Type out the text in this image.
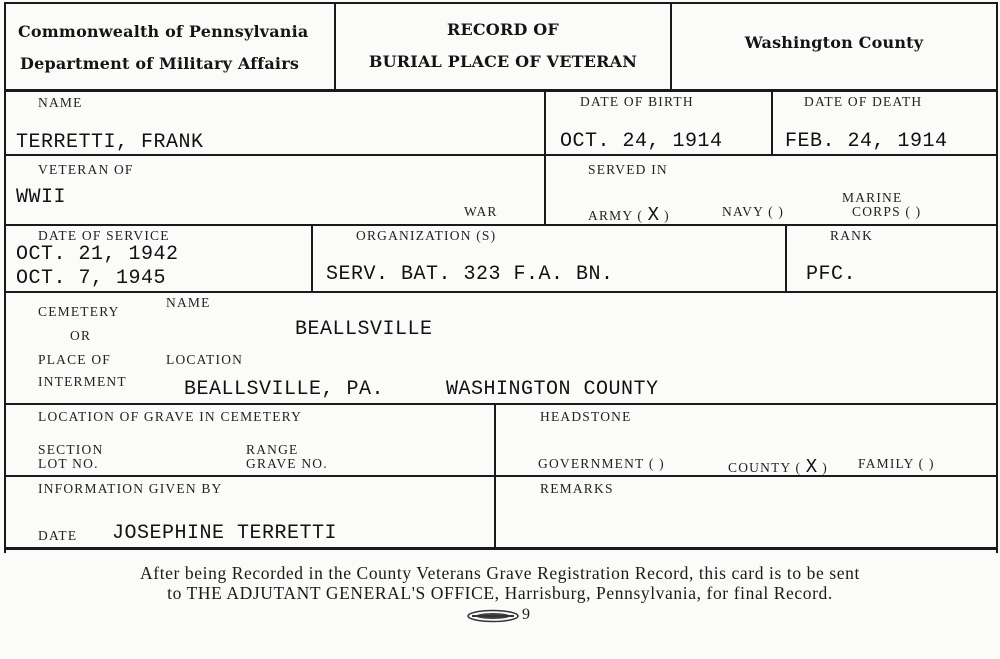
Commonwealth of Pennsylvania
Department of Military Affairs
RECORD OF
BURIAL PLACE OF VETERAN
Washington County
NAME
TERRETTI, FRANK
DATE OF BIRTH
OCT. 24, 1914
DATE OF DEATH
FEB. 24, 1914
VETERAN OF
WWII
WAR
SERVED IN
ARMY ( X )	NAVY ( )
MARINE
CORPS ( )
DATE OF SERVICE
OCT. 21, 1942
OCT. 7, 1945
ORGANIZATION (S)
SERV. BAT. 323 F.A. BN.
RANK
PFC.
CEMETERY
OR
NAME
BEALLSVILLE
PLACE OF
INTERMENT
LOCATION
BEALLSVILLE, PA.	WASHINGTON COUNTY
LOCATION OF GRAVE IN CEMETERY
SECTION
LOT NO.
RANGE
GRAVE NO.
HEADSTONE
GOVERNMENT ( )	COUNTY ( X ) FAMILY ( )
INFORMATION GIVEN BY
DATE JOSEPHINE TERRETTI
REMARKS
After being Recorded in the County Veterans Grave Registration Record, this card is to be sent
to THE ADJUTANT GENERAL'S OFFICE, Harrisburg, Pennsylvania, for final Record.
9
